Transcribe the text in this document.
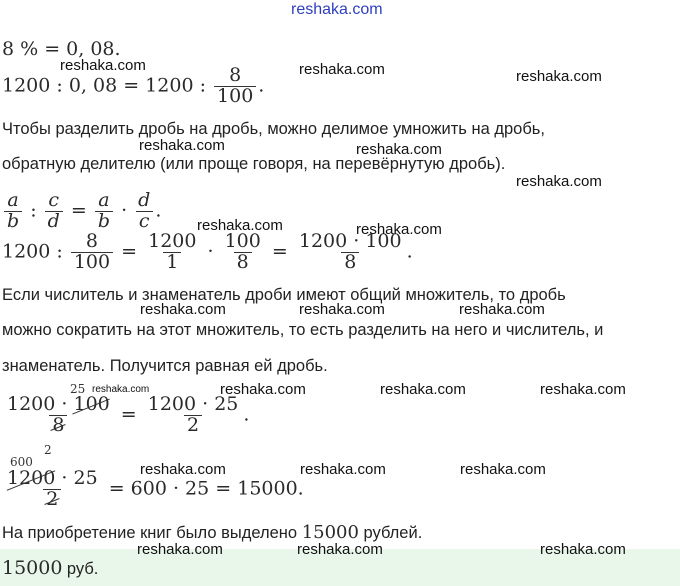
reshaka.com
8 % = 0, 08.
1200 : 0, 08 = 1200 : $\frac{8}{100}$ .
Чтобы разделить дробь на дробь, можно делимое умножить на дробь,
обратную делителю (или проще говоря, на перевёрнутую дробь).
$\frac{a}{b}$ : $\frac{c}{d} = \frac{a}{b} \cdot \frac{d}{c}$ .
1200 : $\frac{8}{100} = \frac{1200}{1} \cdot \frac{100}{8} = \frac{1200 \cdot 100}{8}$ .
Если числитель и знаменатель дроби имеют общий множитель, то дробь
можно сократить на этот множитель, то есть разделить на него и числитель, и
знаменатель. Получится равная ей дробь.
25
$\frac{1200 \cdot 100}{8} = \frac{1200 \cdot 25}{2}$ .
2
600
$\frac{1200 \cdot 25}{2} = 600 \cdot 25 = 15000$.
На приобретение книг было выделено 15000 рублей.
15000 руб.
reshaka.com	reshaka.com	reshaka.com
reshaka.com	reshaka.com
reshaka.com
reshaka.com	reshaka.com
reshaka.com	reshaka.com	reshaka.com
reshaka.com	reshaka.com	reshaka.com	reshaka.com
reshaka.com	reshaka.com	reshaka.com
reshaka.com	reshaka.com	reshaka.com
